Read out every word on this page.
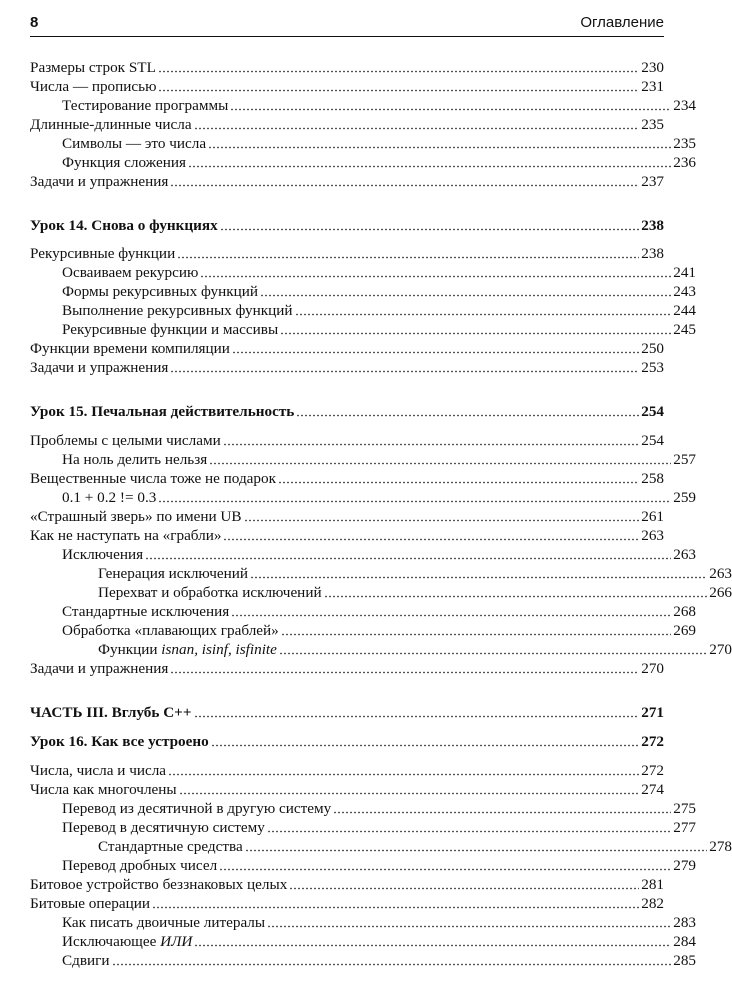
8	Оглавление
Размеры строк STL	230
Числа — прописью	231
Тестирование программы	234
Длинные-длинные числа	235
Символы — это числа	235
Функция сложения	236
Задачи и упражнения	237
Урок 14. Снова о функциях	238
Рекурсивные функции	238
Осваиваем рекурсию	241
Формы рекурсивных функций	243
Выполнение рекурсивных функций	244
Рекурсивные функции и массивы	245
Функции времени компиляции	250
Задачи и упражнения	253
Урок 15. Печальная действительность	254
Проблемы с целыми числами	254
На ноль делить нельзя	257
Вещественные числа тоже не подарок	258
0.1 + 0.2 != 0.3	259
«Страшный зверь» по имени UB	261
Как не наступать на «грабли»	263
Исключения	263
Генерация исключений	263
Перехват и обработка исключений	266
Стандартные исключения	268
Обработка «плавающих граблей»	269
Функции isnan, isinf, isfinite	270
Задачи и упражнения	270
ЧАСТЬ III. Вглубь C++	271
Урок 16. Как все устроено	272
Числа, числа и числа	272
Числа как многочлены	274
Перевод из десятичной в другую систему	275
Перевод в десятичную систему	277
Стандартные средства	278
Перевод дробных чисел	279
Битовое устройство беззнаковых целых	281
Битовые операции	282
Как писать двоичные литералы	283
Исключающее ИЛИ	284
Сдвиги	285
